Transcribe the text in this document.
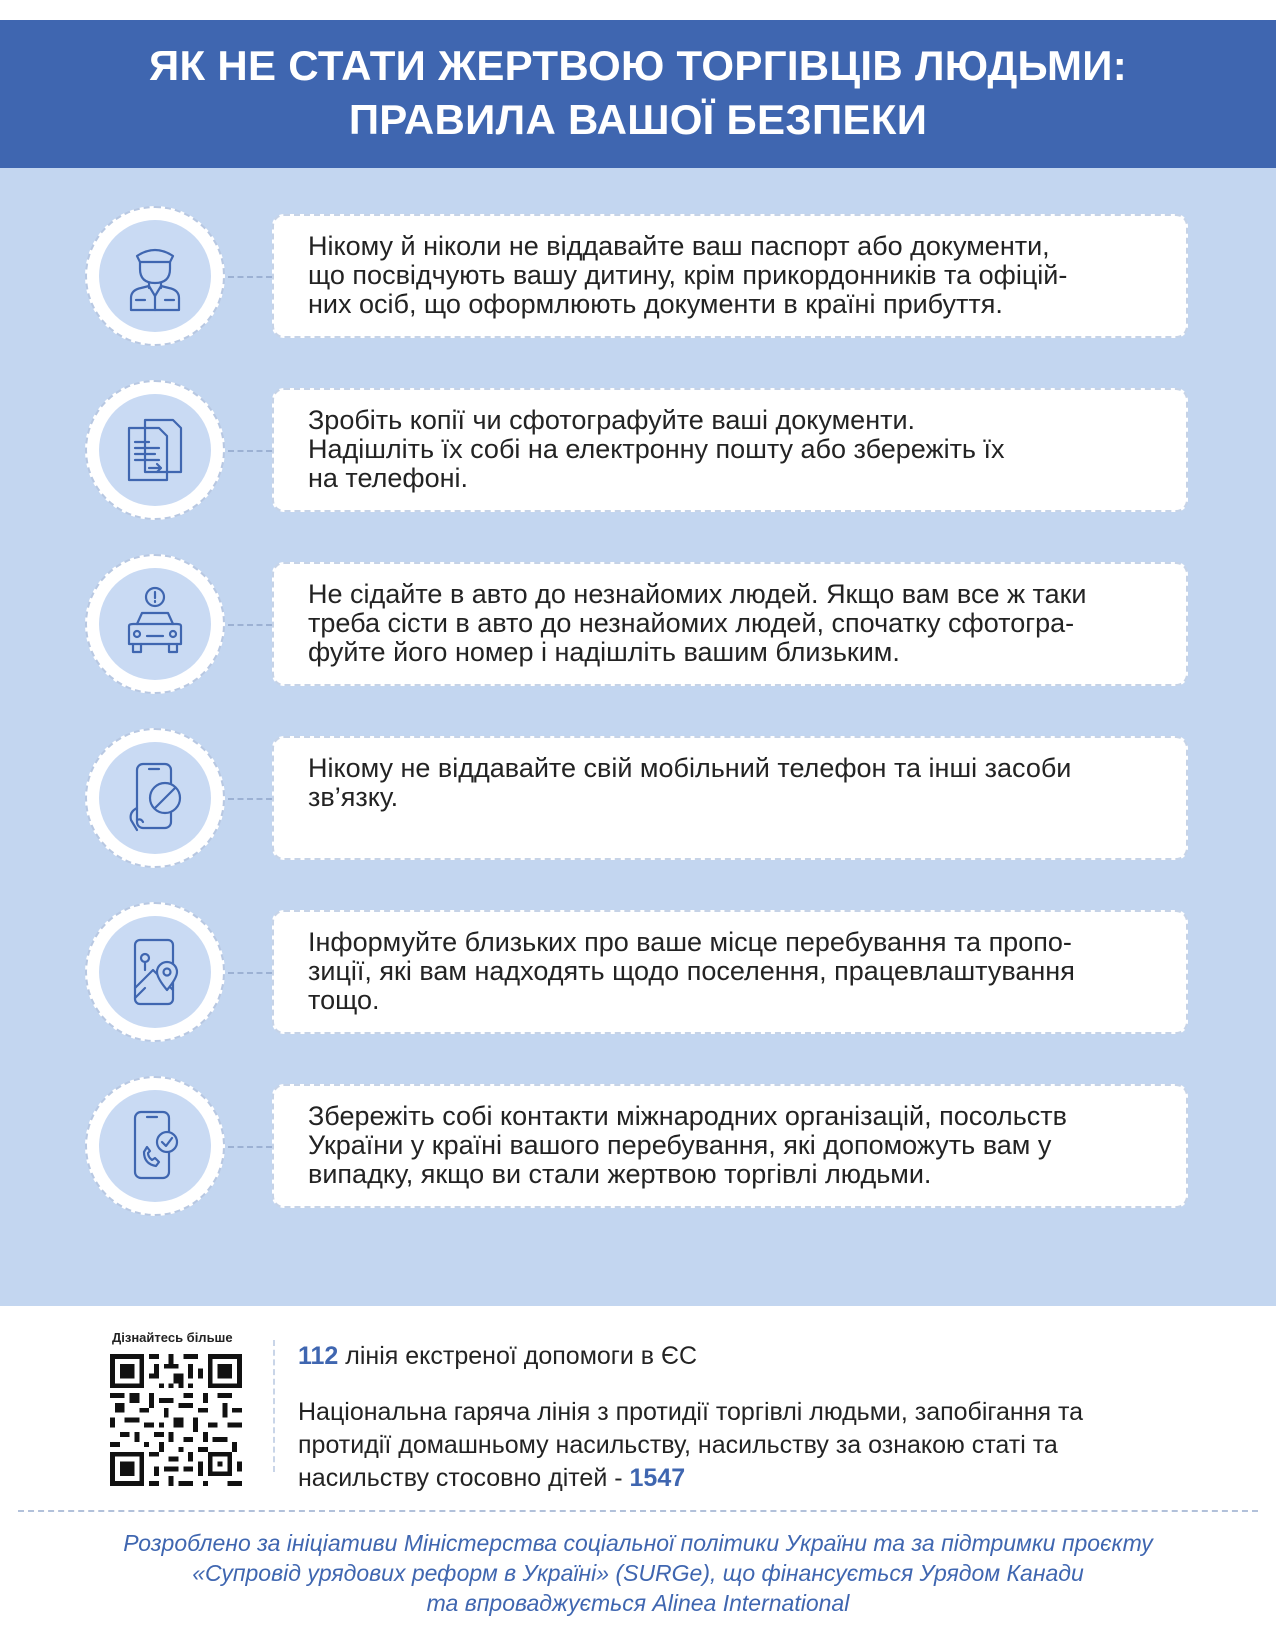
ЯК НЕ СТАТИ ЖЕРТВОЮ ТОРГІВЦІВ ЛЮДЬМИ:
ПРАВИЛА ВАШОЇ БЕЗПЕКИ
Нікому й ніколи не віддавайте ваш паспорт або документи,
що посвідчують вашу дитину, крім прикордонників та офіцій-
них осіб, що оформлюють документи в країні прибуття.
Зробіть копії чи сфотографуйте ваші документи.
Надішліть їх собі на електронну пошту або збережіть їх
на телефоні.
Не сідайте в авто до незнайомих людей. Якщо вам все ж таки
треба сісти в авто до незнайомих людей, спочатку сфотогра-
фуйте його номер і надішліть вашим близьким.
Нікому не віддавайте свій мобільний телефон та інші засоби
зв’язку.
Інформуйте близьких про ваше місце перебування та пропо-
зиції, які вам надходять щодо поселення, працевлаштування
тощо.
Збережіть собі контакти міжнародних організацій, посольств
України у країні вашого перебування, які допоможуть вам у
випадку, якщо ви стали жертвою торгівлі людьми.
Дізнайтесь більше
112 лінія екстреної допомоги в ЄС
Національна гаряча лінія з протидії торгівлі людьми, запобігання та
протидії домашньому насильству, насильству за ознакою статі та
насильству стосовно дітей - 1547
Розроблено за ініціативи Міністерства соціальної політики України та за підтримки проєкту
«Супровід урядових реформ в Україні» (SURGe), що фінансується Урядом Канади
та впроваджується Alinea International
